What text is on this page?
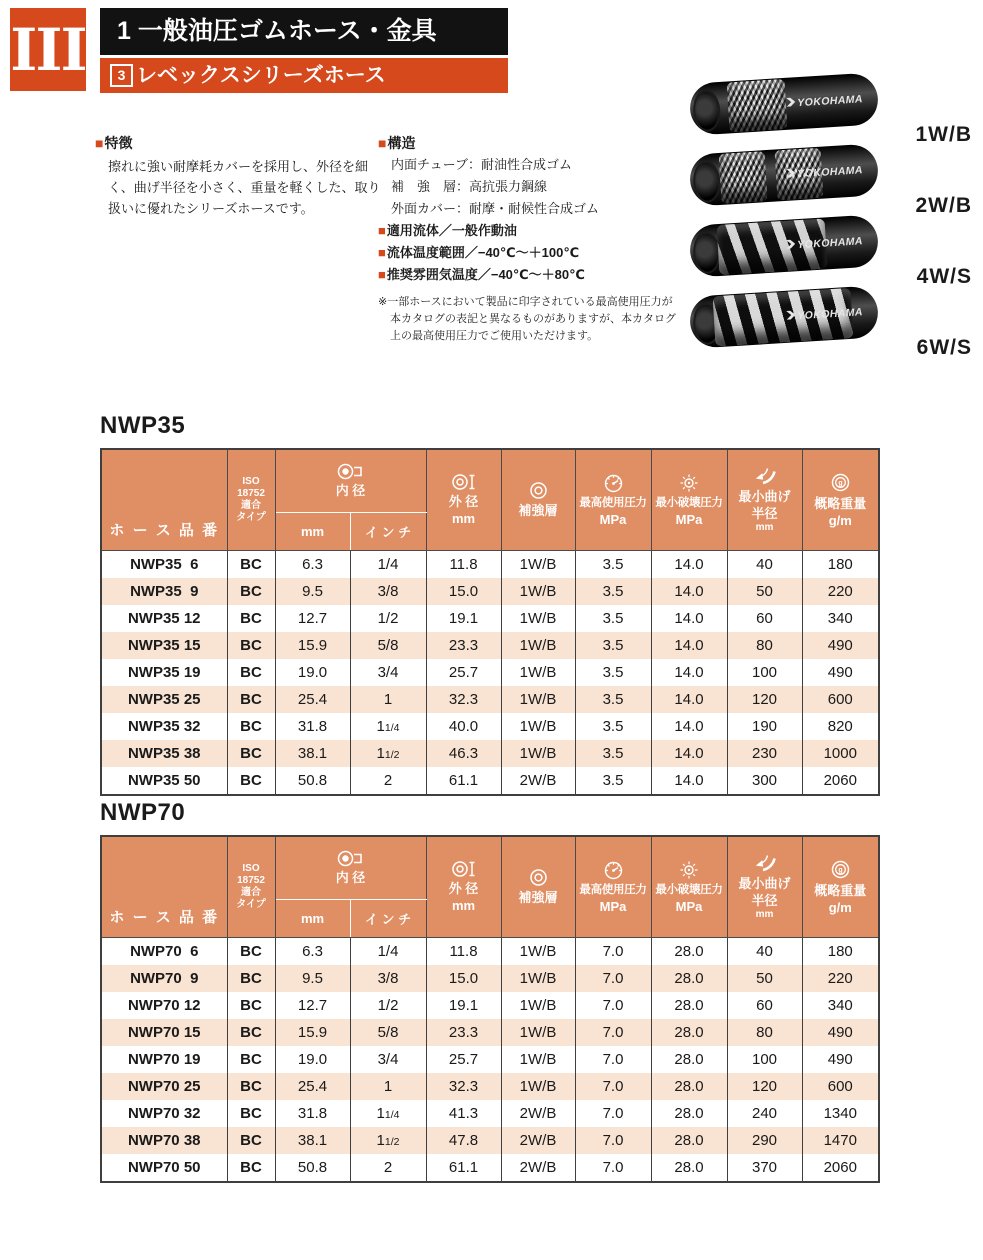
III	1 一般油圧ゴムホース・金具
3 レベックスシリーズホース
■特徴

擦れに強い耐摩耗カバーを採用し、外径を細く、曲げ半径を小さく、重量を軽くした、取り扱いに優れたシリーズホースです。

■構造
内面チューブ：耐油性合成ゴム
補　強　層：高抗張力鋼線
外面カバー：耐摩・耐候性合成ゴム
■適用流体／一般作動油
■流体温度範囲／−40℃〜＋100℃
■推奨雰囲気温度／−40℃〜＋80℃
※一部ホースにおいて製品に印字されている最高使用圧力が本カタログの表記と異なるものがありますが、本カタログ上の最高使用圧力でご使用いただけます。
YOKOHAMA
1W/B
YOKOHAMA
2W/B
YOKOHAMA
4W/S
YOKOHAMA
6W/S
NWP35
ホ ー ス 品 番	
ISO
18752
適合
タイプ

内 径

外 径
mm

補強層

最高使用圧力
MPa

最小破壊圧力
MPa

最小曲げ
半径
mm

g
概略重量
g/m

		mm	イ ン チ						
NWP35  6	BC	6.3	1/4	11.8	1W/B	3.5	14.0	40	180
NWP35  9	BC	9.5	3/8	15.0	1W/B	3.5	14.0	50	220
NWP35 12	BC	12.7	1/2	19.1	1W/B	3.5	14.0	60	340
NWP35 15	BC	15.9	5/8	23.3	1W/B	3.5	14.0	80	490
NWP35 19	BC	19.0	3/4	25.7	1W/B	3.5	14.0	100	490
NWP35 25	BC	25.4	1	32.3	1W/B	3.5	14.0	120	600
NWP35 32	BC	31.8	11/4	40.0	1W/B	3.5	14.0	190	820
NWP35 38	BC	38.1	11/2	46.3	1W/B	3.5	14.0	230	1000
NWP35 50	BC	50.8	2	61.1	2W/B	3.5	14.0	300	2060
NWP70
ホ ー ス 品 番	
ISO
18752
適合
タイプ

内 径

外 径
mm

補強層

最高使用圧力
MPa

最小破壊圧力
MPa

最小曲げ
半径
mm

g
概略重量
g/m

		mm	イ ン チ						
NWP70  6	BC	6.3	1/4	11.8	1W/B	7.0	28.0	40	180
NWP70  9	BC	9.5	3/8	15.0	1W/B	7.0	28.0	50	220
NWP70 12	BC	12.7	1/2	19.1	1W/B	7.0	28.0	60	340
NWP70 15	BC	15.9	5/8	23.3	1W/B	7.0	28.0	80	490
NWP70 19	BC	19.0	3/4	25.7	1W/B	7.0	28.0	100	490
NWP70 25	BC	25.4	1	32.3	1W/B	7.0	28.0	120	600
NWP70 32	BC	31.8	11/4	41.3	2W/B	7.0	28.0	240	1340
NWP70 38	BC	38.1	11/2	47.8	2W/B	7.0	28.0	290	1470
NWP70 50	BC	50.8	2	61.1	2W/B	7.0	28.0	370	2060
